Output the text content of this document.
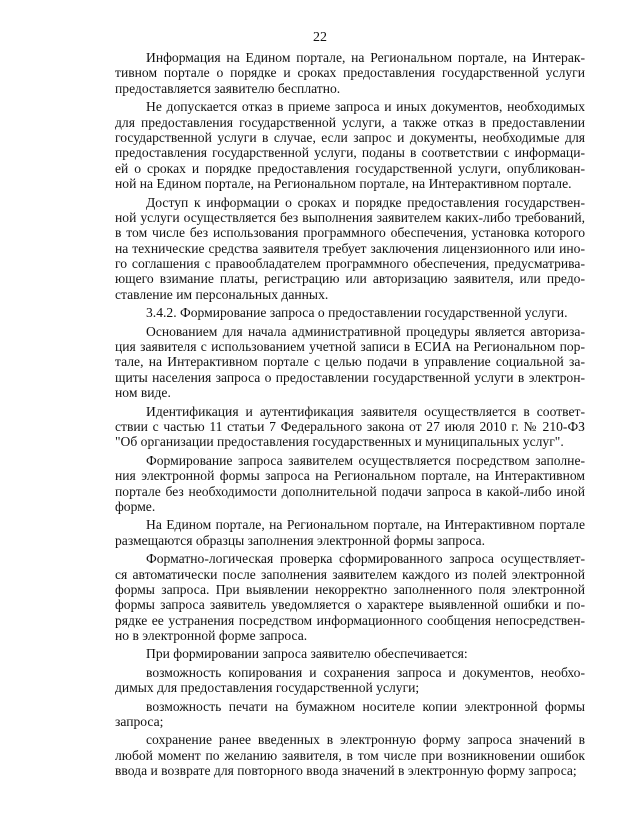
22
Информация на Едином портале, на Региональном портале, на Интерак-
тивном портале о порядке и сроках предоставления государственной услуги
предоставляется заявителю бесплатно.
Не допускается отказ в приеме запроса и иных документов, необходимых
для предоставления государственной услуги, а также отказ в предоставлении
государственной услуги в случае, если запрос и документы, необходимые для
предоставления государственной услуги, поданы в соответствии с информаци-
ей о сроках и порядке предоставления государственной услуги, опубликован-
ной на Едином портале, на Региональном портале, на Интерактивном портале.
Доступ к информации о сроках и порядке предоставления государствен-
ной услуги осуществляется без выполнения заявителем каких-либо требований,
в том числе без использования программного обеспечения, установка которого
на технические средства заявителя требует заключения лицензионного или ино-
го соглашения с правообладателем программного обеспечения, предусматрива-
ющего взимание платы, регистрацию или авторизацию заявителя, или предо-
ставление им персональных данных.
3.4.2. Формирование запроса о предоставлении государственной услуги.
Основанием для начала административной процедуры является авториза-
ция заявителя с использованием учетной записи в ЕСИА на Региональном пор-
тале, на Интерактивном портале с целью подачи в управление социальной за-
щиты населения запроса о предоставлении государственной услуги в электрон-
ном виде.
Идентификация и аутентификация заявителя осуществляется в соответ-
ствии с частью 11 статьи 7 Федерального закона от 27 июля 2010 г. № 210-ФЗ
"Об организации предоставления государственных и муниципальных услуг".
Формирование запроса заявителем осуществляется посредством заполне-
ния электронной формы запроса на Региональном портале, на Интерактивном
портале без необходимости дополнительной подачи запроса в какой-либо иной
форме.
На Едином портале, на Региональном портале, на Интерактивном портале
размещаются образцы заполнения электронной формы запроса.
Форматно-логическая проверка сформированного запроса осуществляет-
ся автоматически после заполнения заявителем каждого из полей электронной
формы запроса. При выявлении некорректно заполненного поля электронной
формы запроса заявитель уведомляется о характере выявленной ошибки и по-
рядке ее устранения посредством информационного сообщения непосредствен-
но в электронной форме запроса.
При формировании запроса заявителю обеспечивается:
возможность копирования и сохранения запроса и документов, необхо-
димых для предоставления государственной услуги;
возможность печати на бумажном носителе копии электронной формы
запроса;
сохранение ранее введенных в электронную форму запроса значений в
любой момент по желанию заявителя, в том числе при возникновении ошибок
ввода и возврате для повторного ввода значений в электронную форму запроса;
